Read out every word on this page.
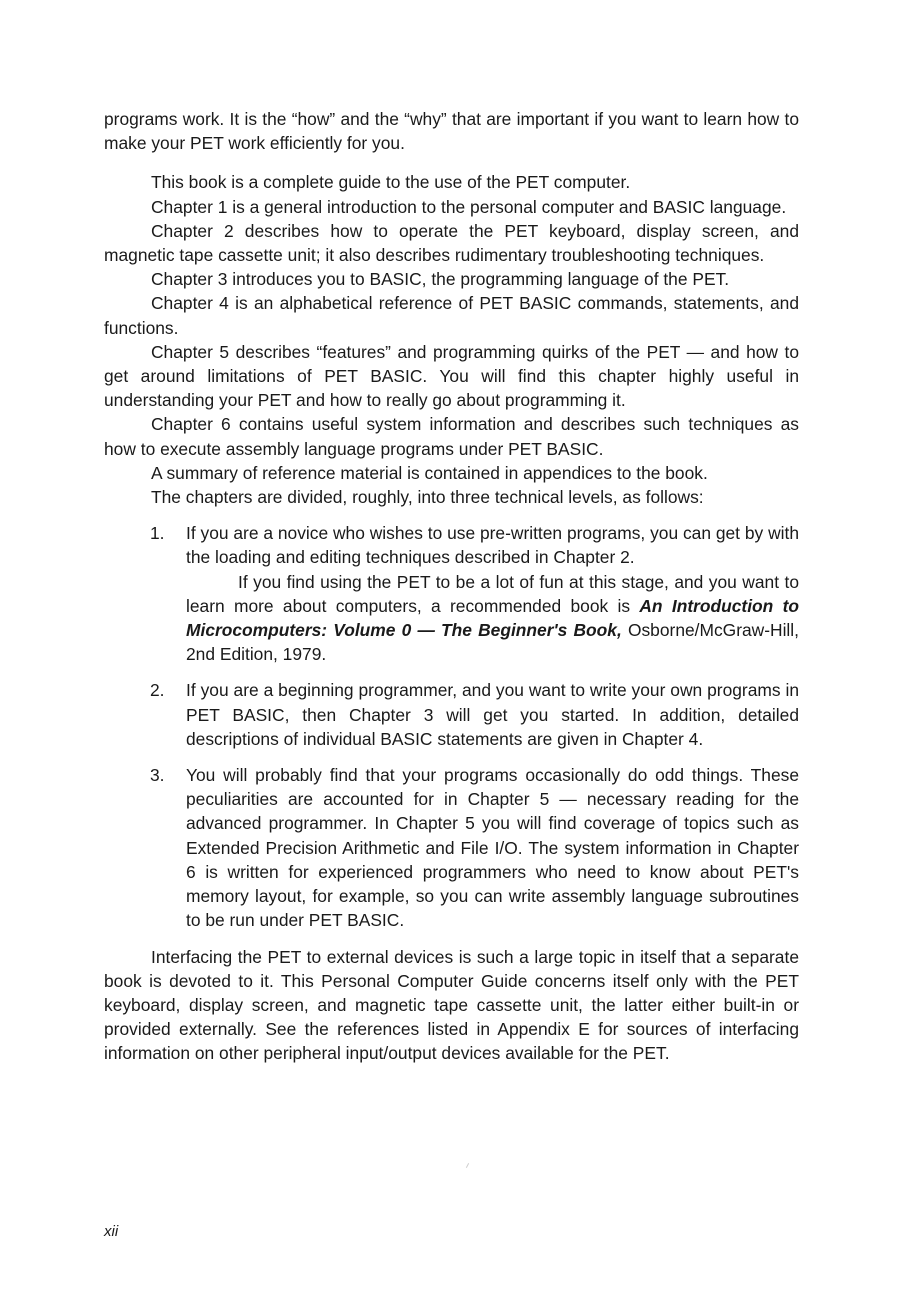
programs work. It is the “how” and the “why” that are important if you want to learn how to make your PET work efficiently for you.

This book is a complete guide to the use of the PET computer.

Chapter 1 is a general introduction to the personal computer and BASIC language.

Chapter 2 describes how to operate the PET keyboard, display screen, and magnetic tape cassette unit; it also describes rudimentary troubleshooting techniques.

Chapter 3 introduces you to BASIC, the programming language of the PET.

Chapter 4 is an alphabetical reference of PET BASIC commands, statements, and functions.

Chapter 5 describes “features” and programming quirks of the PET — and how to get around limitations of PET BASIC. You will find this chapter highly useful in understanding your PET and how to really go about programming it.

Chapter 6 contains useful system information and describes such techniques as how to execute assembly language programs under PET BASIC.

A summary of reference material is contained in appendices to the book.

The chapters are divided, roughly, into three technical levels, as follows:

1. If you are a novice who wishes to use pre-written programs, you can get by with the loading and editing techniques described in Chapter 2.

If you find using the PET to be a lot of fun at this stage, and you want to learn more about computers, a recommended book is An Introduction to Microcomputers: Volume 0 — The Beginner's Book, Osborne/McGraw-Hill, 2nd Edition, 1979.

2. If you are a beginning programmer, and you want to write your own programs in PET BASIC, then Chapter 3 will get you started. In addition, detailed descriptions of individual BASIC statements are given in Chapter 4.

3. You will probably find that your programs occasionally do odd things. These peculiarities are accounted for in Chapter 5 — necessary reading for the advanced programmer. In Chapter 5 you will find coverage of topics such as Extended Precision Arithmetic and File I/O. The system information in Chapter 6 is written for experienced programmers who need to know about PET's memory layout, for example, so you can write assembly language subroutines to be run under PET BASIC.

Interfacing the PET to external devices is such a large topic in itself that a separate book is devoted to it. This Personal Computer Guide concerns itself only with the PET keyboard, display screen, and magnetic tape cassette unit, the latter either built-in or provided externally. See the references listed in Appendix E for sources of interfacing information on other peripheral input/output devices available for the PET.

xii
